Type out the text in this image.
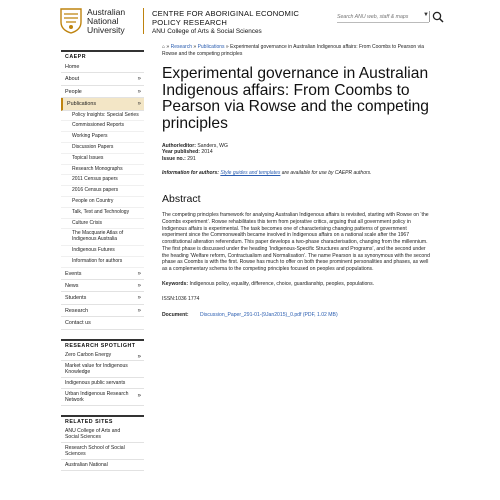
Australian
National
University
CENTRE FOR ABORIGINAL ECONOMIC
POLICY RESEARCH
ANU College of Arts & Social Sciences
Search ANU web, staff & maps
▼
CAEPR
Home
About	»
People	»
Publications	»
Policy Insights: Special Series
Commissioned Reports
Working Papers
Discussion Papers
Topical Issues
Research Monographs
2011 Census papers
2016 Census papers
People on Country
Talk, Text and Technology
Culture Crisis
The Macquarie Atlas of Indigenous Australia
Indigenous Futures
Information for authors
Events	»
News	»
Students	»
Research	»
Contact us
RESEARCH SPOTLIGHT
Zero Carbon Energy	»
Market value for Indigenous Knowledge
Indigenous public servants
Urban Indigenous Research Network
»
RELATED SITES
ANU College of Arts and Social Sciences
Research School of Social Sciences
Australian National
⌂ » Research » Publications » Experimental governance in Australian Indigenous affairs: From Coombs to Pearson via Rowse and the competing principles
Experimental governance in Australian Indigenous affairs: From Coombs to Pearson via Rowse and the competing principles
Author/editor: Sanders, WG
Year published: 2014
Issue no.: 291
Information for authors: Style guides and templates are available for use by CAEPR authors.
Abstract

The competing principles framework for analysing Australian Indigenous affairs is revisited, starting with Rowse on ‘the Coombs experiment’. Rowse rehabilitates this term from pejorative critics, arguing that all government policy in Indigenous affairs is experimental. The task becomes one of characterising changing patterns of government experiment since the Commonwealth became involved in Indigenous affairs on a national scale after the 1967 constitutional alteration referendum. This paper develops a two-phase characterisation, changing from the millennium. The first phase is discussed under the heading ‘Indigenous-Specific Structures and Programs’, and the second under the heading ‘Welfare reform, Contractualism and Normalisation’. The name Pearson is as synonymous with the second phase as Coombs is with the first. Rowse has much to offer on both these prominent personalities and phases, as well as a complementary schema to the competing principles focused on peoples and populations.

Keywords: Indigenous policy, equality, difference, choice, guardianship, peoples, populations.
ISSN:1036 1774
Document: Discussion_Paper_291-01-(9Jan2015)_0.pdf (PDF, 1.02 MB)
